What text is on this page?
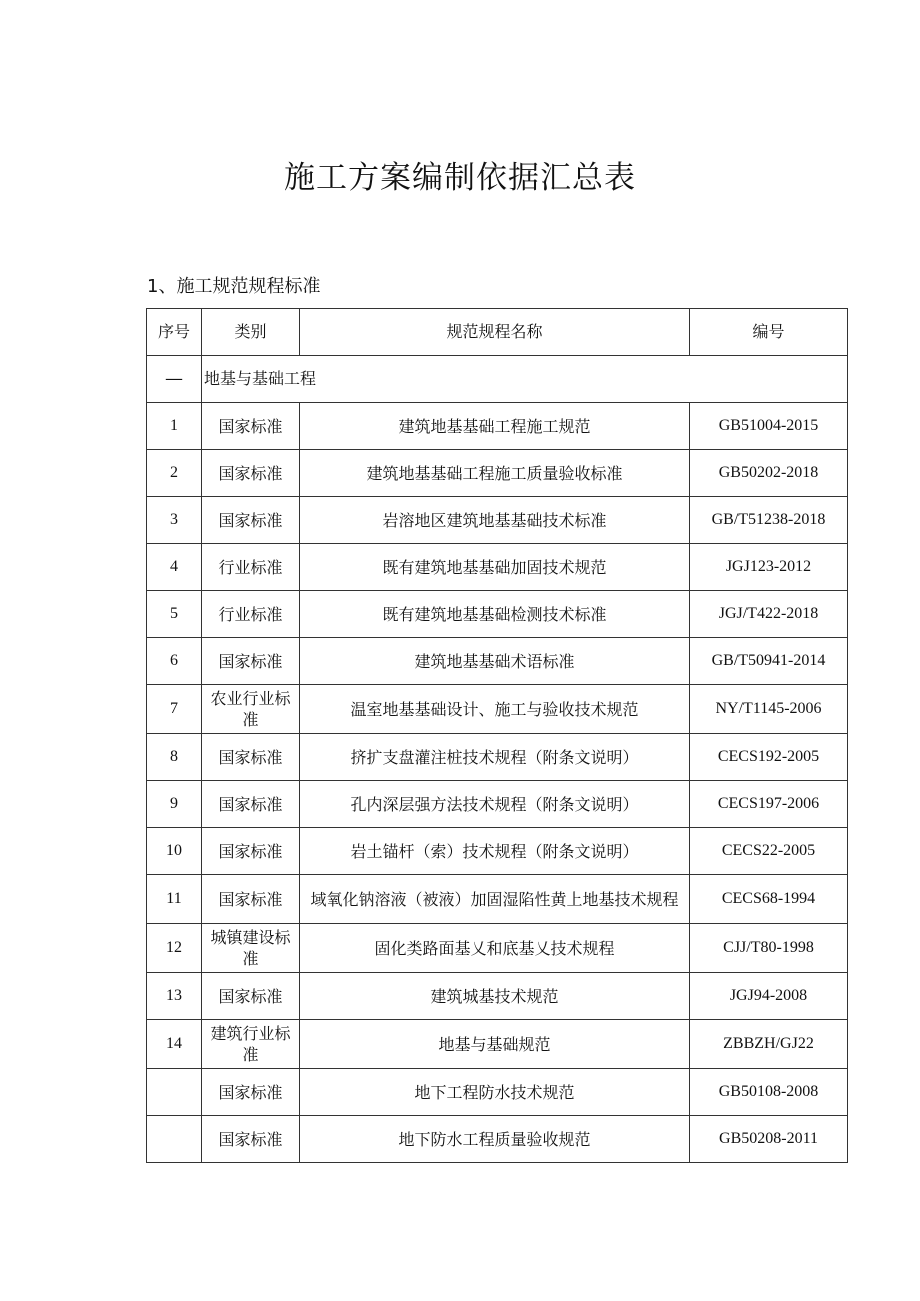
施工方案编制依据汇总表
1、施工规范规程标准
序号	类别	规范规程名称	编号
—	地基与基础工程		
1	国家标准	建筑地基基础工程施工规范	GB51004-2015
2	国家标准	建筑地基基础工程施工质量验收标准	GB50202-2018
3	国家标准	岩溶地区建筑地基基础技术标准	GB/T51238-2018
4	行业标准	既有建筑地基基础加固技术规范	JGJ123-2012
5	行业标准	既有建筑地基基础检测技术标准	JGJ/T422-2018
6	国家标准	建筑地基基础术语标准	GB/T50941-2014
7	农业行业标准	温室地基基础设计、施工与验收技术规范	NY/T1145-2006
8	国家标准	挤扩支盘灌注桩技术规程（附条文说明）	CECS192-2005
9	国家标准	孔内深层强方法技术规程（附条文说明）	CECS197-2006
10	国家标准	岩土锚杆（索）技术规程（附条文说明）	CECS22-2005
11	国家标准	域氧化钠溶液（被液）加固湿陷性黄上地基技术规程	CECS68-1994
12	城镇建设标准	固化类路面基乂和底基乂技术规程	CJJ/T80-1998
13	国家标准	建筑城基技术规范	JGJ94-2008
14	建筑行业标准	地基与基础规范	ZBBZH/GJ22
	国家标准	地下工程防水技术规范	GB50108-2008
	国家标准	地下防水工程质量验收规范	GB50208-2011
